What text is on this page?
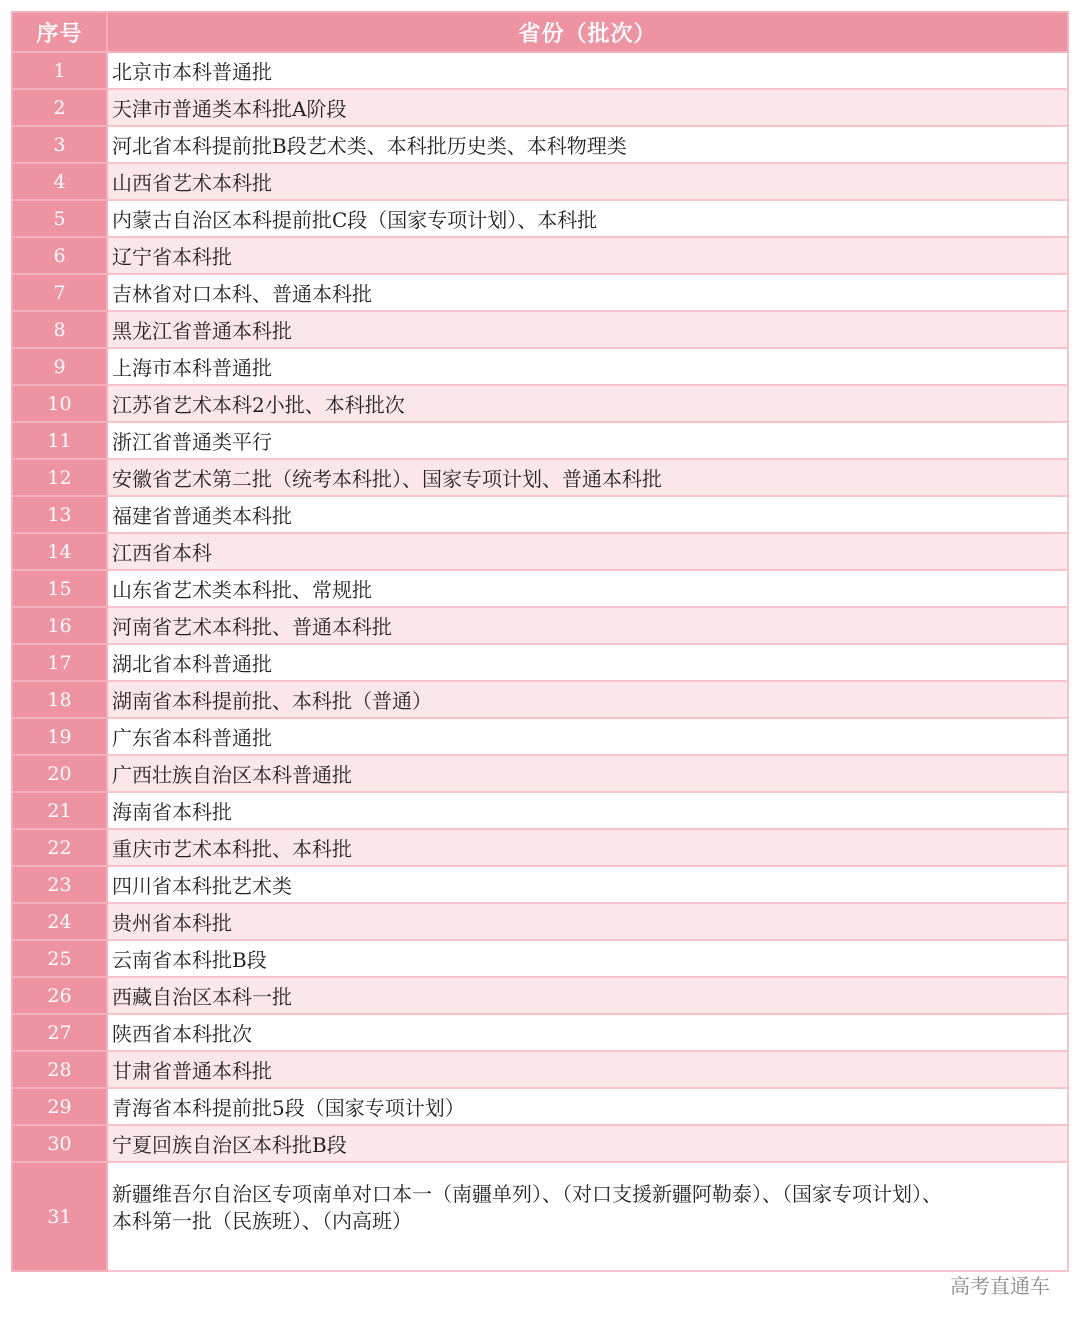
序号	省份（批次）
1	北京市本科普通批

2	天津市普通类本科批A阶段

3	河北省本科提前批B段艺术类、本科批历史类、本科物理类

4	山西省艺术本科批

5	内蒙古自治区本科提前批C段（国家专项计划）、本科批

6	辽宁省本科批

7	吉林省对口本科、普通本科批

8	黑龙江省普通本科批

9	上海市本科普通批

10	江苏省艺术本科2小批、本科批次

11	浙江省普通类平行

12	安徽省艺术第二批（统考本科批）、国家专项计划、普通本科批

13	福建省普通类本科批

14	江西省本科

15	山东省艺术类本科批、常规批

16	河南省艺术本科批、普通本科批

17	湖北省本科普通批

18	湖南省本科提前批、本科批（普通）

19	广东省本科普通批

20	广西壮族自治区本科普通批

21	海南省本科批

22	重庆市艺术本科批、本科批

23	四川省本科批艺术类

24	贵州省本科批

25	云南省本科批B段

26	西藏自治区本科一批

27	陕西省本科批次

28	甘肃省普通本科批

29	青海省本科提前批5段（国家专项计划）

30	宁夏回族自治区本科批B段

31	新疆维吾尔自治区专项南单对口本一（南疆单列）、（对口支援新疆阿勒泰）、（国家专项计划）、
本科第一批（民族班）、（内高班）
高考直通车
